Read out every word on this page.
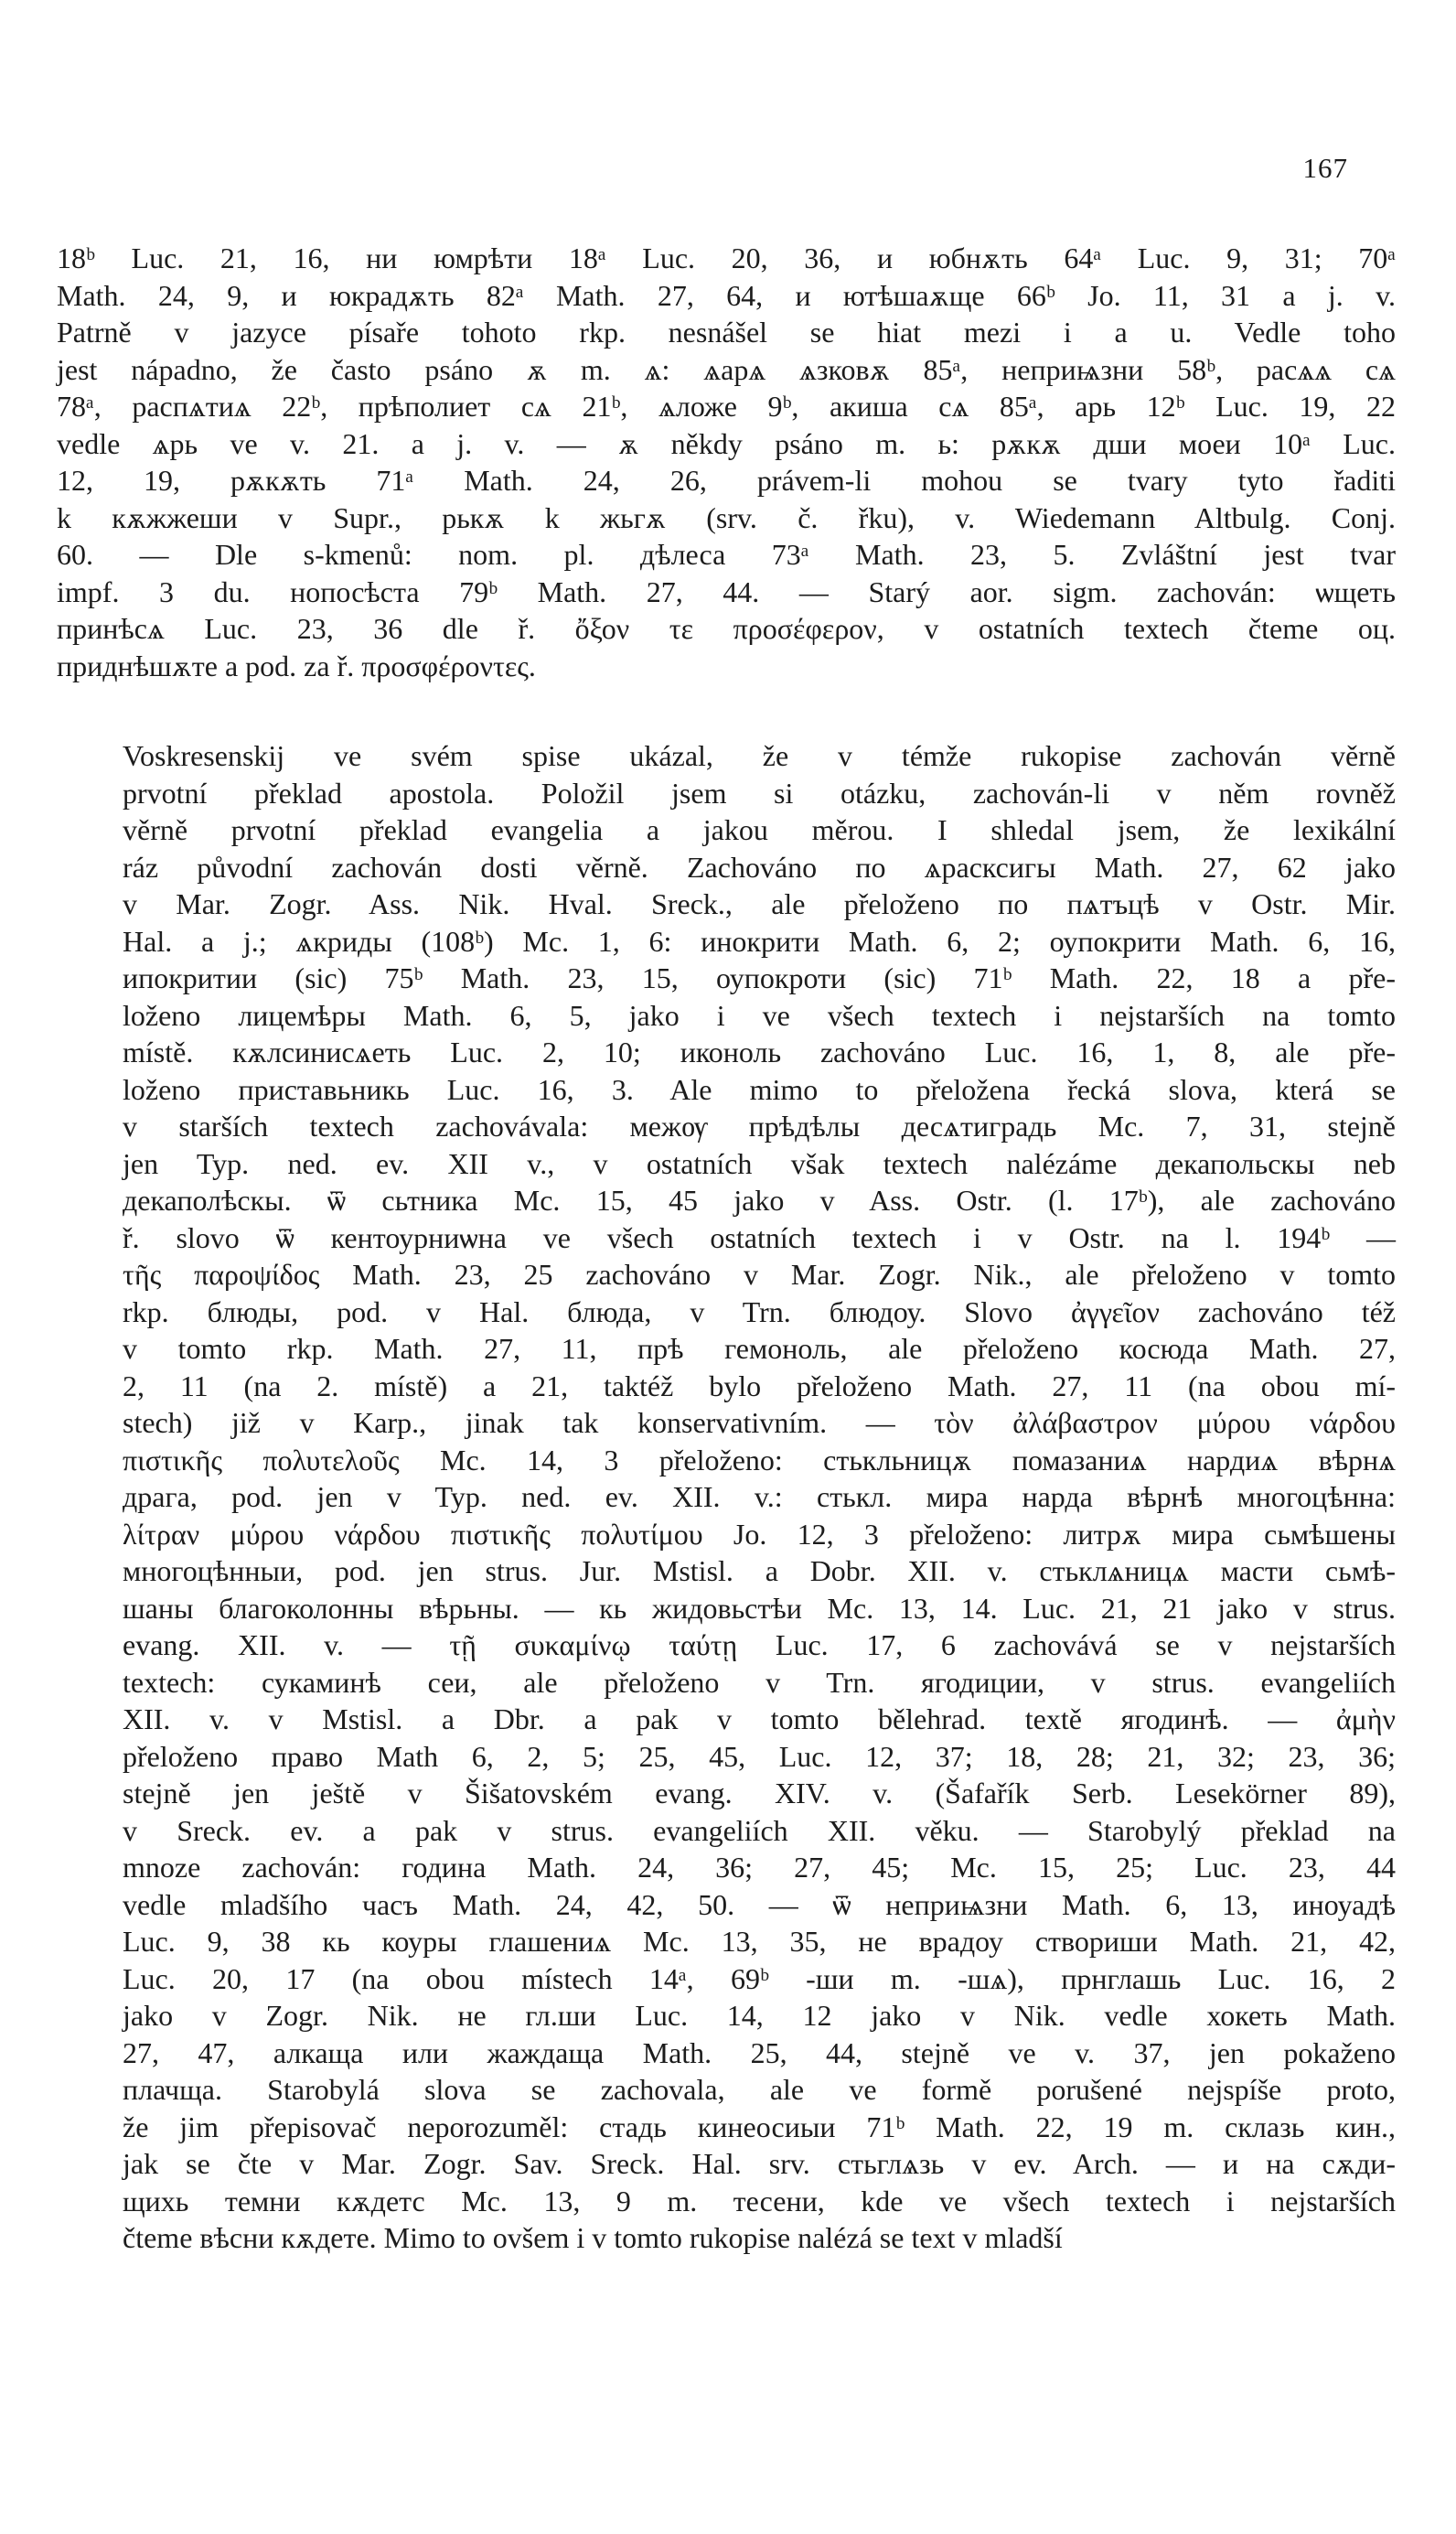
167
18ᵇ Luc. 21, 16, ни юмрѣти 18ᵃ Luc. 20, 36, и юбнѫть 64ᵃ Luc. 9, 31; 70ᵃ
Math. 24, 9, и юкрадѫть 82ᵃ Math. 27, 64, и ютѣшаѫще 66ᵇ Jo. 11, 31 a j. v.
Patrně v jazyce písaře tohoto rkp. nesnášel se hiat mezi i a u. Vedle toho
jest nápadno, že často psáno ѫ m. ѧ: ѧарѧ ѧзковѫ 85ᵃ, неприѩзни 58ᵇ, расѧѧ сѧ
78ᵃ, распѧтиѧ 22ᵇ, прѣполиет сѧ 21ᵇ, ѧложе 9ᵇ, акиша сѧ 85ᵃ, арь 12ᵇ Luc. 19, 22
vedle ѧрь ve v. 21. a j. v. — ѫ někdy psáno m. ь: рѫкѫ дши моеи 10ᵃ Luc.
12, 19, рѫкѫть 71ᵃ Math. 24, 26, právem-li mohou se tvary tyto řaditi
k кѫжжеши v Supr., рькѫ k жьгѫ (srv. č. řku), v. Wiedemann Altbulg. Conj.
60. — Dle s-kmenů: nom. pl. дѣлеса 73ᵃ Math. 23, 5. Zvláštní jest tvar
impf. 3 du. нопосѣста 79ᵇ Math. 27, 44. — Starý aor. sigm. zachován: ѡщеть
принѣсѧ Luc. 23, 36 dle ř. ὄξον τε προσέφερον, v ostatních textech čteme оц.
приднѣшѫте a pod. za ř. προσφέροντες.
Voskresenskij ve svém spise ukázal, že v témže rukopise zachován věrně
prvotní překlad apostola. Položil jsem si otázku, zachován-li v něm rovněž
věrně prvotní překlad evangelia a jakou měrou. I shledal jsem, že lexikální
ráz původní zachován dosti věrně. Zachováno по ѧрасксигы Math. 27, 62 jako
v Mar. Zogr. Ass. Nik. Hval. Sreck., ale přeloženo по пѧтъцѣ v Ostr. Mir.
Hal. a j.; ѧкриды (108ᵇ) Mc. 1, 6: инокрити Math. 6, 2; оупокрити Math. 6, 16,
ипокритии (sic) 75ᵇ Math. 23, 15, оупокроти (sic) 71ᵇ Math. 22, 18 a pře-
loženo лицемѣры Math. 6, 5, jako i ve všech textech i nejstarších na tomto
místě. кѫлсинисѧеть Luc. 2, 10; иконоль zachováno Luc. 16, 1, 8, ale pře-
loženo приставьникь Luc. 16, 3. Ale mimo to přeložena řecká slova, která se
v starších textech zachovávala: межѹ прѣдѣлы десѧтиградь Mc. 7, 31, stejně
jen Typ. ned. ev. XII v., v ostatních však textech nalézáme декапольскы neb
декаполѣскы. ѿ сьтника Mc. 15, 45 jako v Ass. Ostr. (l. 17ᵇ), ale zachováno
ř. slovo ѿ кентоурниѡна ve všech ostatních textech i v Ostr. na l. 194ᵇ —
τῆς παροψίδος Math. 23, 25 zachováno v Mar. Zogr. Nik., ale přeloženo v tomto
rkp. блюды, pod. v Hal. блюда, v Trn. блюдоу. Slovo ἀγγεῖον zachováno též
v tomto rkp. Math. 27, 11, прѣ гемоноль, ale přeloženo косюда Math. 27,
2, 11 (na 2. místě) a 21, taktéž bylo přeloženo Math. 27, 11 (na obou mí-
stech) již v Karp., jinak tak konservativním. — τὸν ἀλάβαστρον μύρου νάρδου
πιστικῆς πολυτελοῦς Mc. 14, 3 přeloženo: стькльницѫ помазаниѧ нардиѧ вѣрнѧ
драга, pod. jen v Typ. ned. ev. XII. v.: стькл. мира нарда вѣрнѣ многоцѣнна:
λίτραν μύρου νάρδου πιστικῆς πολυτίμου Jo. 12, 3 přeloženo: литрѫ мира сьмѣшены
многоцѣнныи, pod. jen strus. Jur. Mstisl. a Dobr. XII. v. стьклѧницѧ масти сьмѣ-
шаны благоколонны вѣрьны. — кь жидовьстѣи Mc. 13, 14. Luc. 21, 21 jako v strus.
evang. XII. v. — τῇ συκαμίνῳ ταύτῃ Luc. 17, 6 zachovává se v nejstarších
textech: сукаминѣ сеи, ale přeloženo v Trn. ягодиции, v strus. evangeliích
XII. v. v Mstisl. a Dbr. a pak v tomto bělehrad. textě ягодинѣ. — ἀμὴν
přeloženo право Math 6, 2, 5; 25, 45, Luc. 12, 37; 18, 28; 21, 32; 23, 36;
stejně jen ještě v Šišatovském evang. XIV. v. (Šafařík Serb. Lesekörner 89),
v Sreck. ev. a pak v strus. evangeliích XII. věku. — Starobylý překlad na
mnoze zachován: година Math. 24, 36; 27, 45; Mc. 15, 25; Luc. 23, 44
vedle mladšího часъ Math. 24, 42, 50. — ѿ неприѩзни Math. 6, 13, иноуадѣ
Luc. 9, 38 кь коуры глашениѧ Mc. 13, 35, не врадоу створиши Math. 21, 42,
Luc. 20, 17 (na obou místech 14ᵃ, 69ᵇ -ши m. -шѧ), прнглашь Luc. 16, 2
jako v Zogr. Nik. не гл.ши Luc. 14, 12 jako v Nik. vedle хокеть Math.
27, 47, алкаща или жаждаща Math. 25, 44, stejně ve v. 37, jen pokaženo
плачща. Starobylá slova se zachovala, ale ve formě porušené nejspíše proto,
že jim přepisovač neporozuměl: стадь кинеосиыи 71ᵇ Math. 22, 19 m. склазь кин.,
jak se čte v Mar. Zogr. Sav. Sreck. Hal. srv. стьглѧзь v ev. Arch. — и на сѫди-
щихь темни кѫдетс Mc. 13, 9 m. тесени, kde ve všech textech i nejstarších
čteme вѣсни кѫдете. Mimo to ovšem i v tomto rukopise nalézá se text v mladší
